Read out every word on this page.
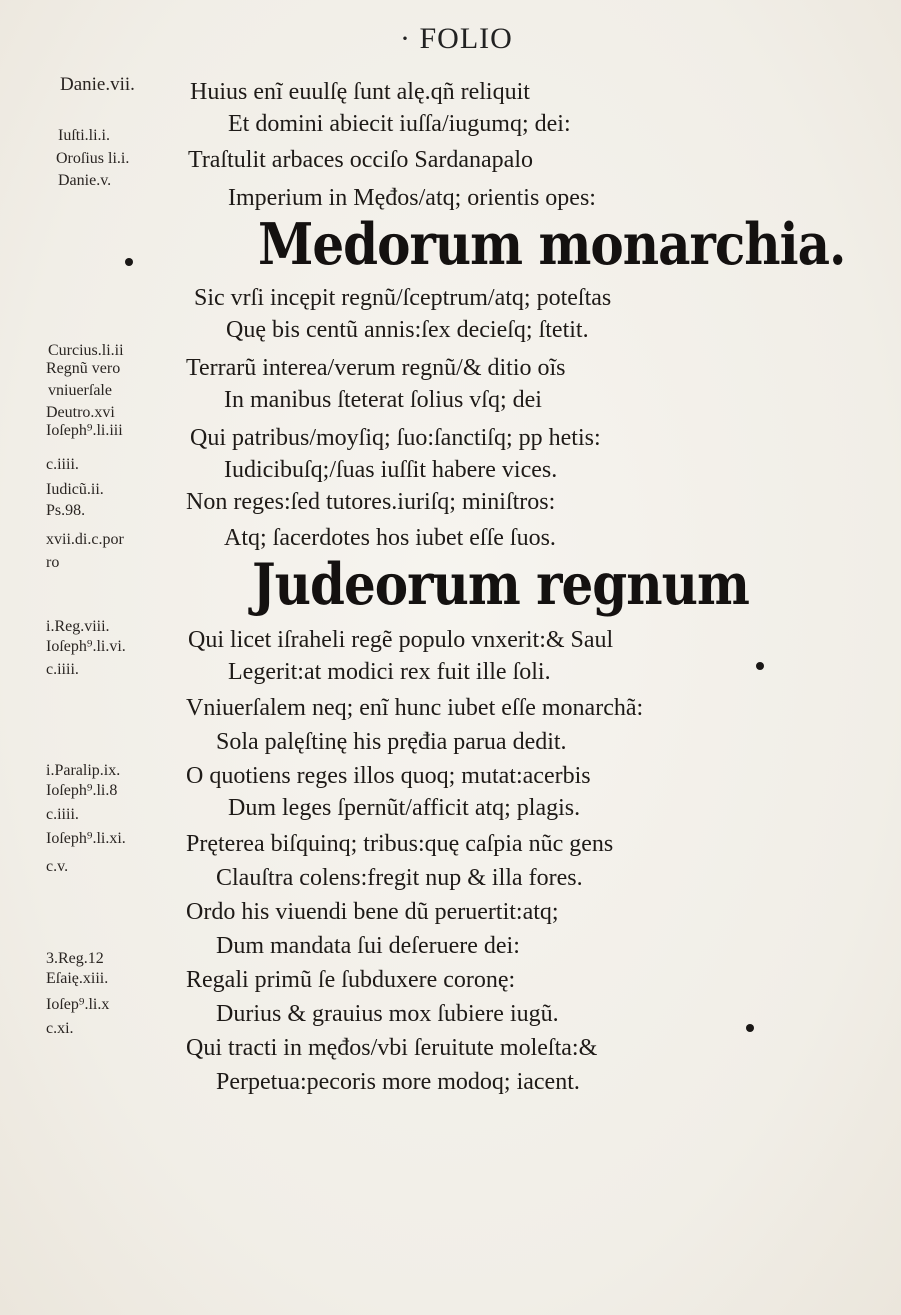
· FOLIO
Danie.vii.
Iuſti.li.i.
Oroſius li.i.
Danie.v.
Curcius.li.ii
Regnũ vero
vniuerſale
Deutro.xvi
Ioſeph⁹.li.iii
c.iiii.
Iudicũ.ii.
Ps.98.
xvii.di.c.por
ro
i.Reg.viii.
Ioſeph⁹.li.vi.
c.iiii.
i.Paralip.ix.
Ioſeph⁹.li.8
c.iiii.
Ioſeph⁹.li.xi.
c.v.
3.Reg.12
Eſaię.xiii.
Ioſep⁹.li.x
c.xi.
Huius enĩ euulſę ſunt alę.qñ reliquit
Et domini abiecit iuſſa/iugumq; dei:
Traſtulit arbaces occiſo Sardanapalo
Imperium in Męđos/atq; orientis opes:
Medorum monarchia.
Sic vrſi incępit regnũ/ſceptrum/atq; poteſtas
Quę bis centũ annis:ſex decieſq; ſtetit.
Terrarũ interea/verum regnũ/& ditio oĩs
In manibus ſteterat ſolius vſq; dei
Qui patribus/moyſiq; ſuo:ſanctiſq; pp hetis:
Iudicibuſq;/ſuas iuſſit habere vices.
Non reges:ſed tutores.iuriſq; miniſtros:
Atq; ſacerdotes hos iubet eſſe ſuos.
Judeorum regnum
Qui licet iſraheli regẽ populo vnxerit:& Saul
Legerit:at modici rex fuit ille ſoli.
Vniuerſalem neq; enĩ hunc iubet eſſe monarchã:
Sola palęſtinę his pręđia parua dedit.
O quotiens reges illos quoq; mutat:acerbis
Dum leges ſpernũt/afficit atq; plagis.
Pręterea biſquinq; tribus:quę caſpia nũc gens
Clauſtra colens:fregit nup & illa fores.
Ordo his viuendi bene dũ peruertit:atq;
Dum mandata ſui deſeruere dei:
Regali primũ ſe ſubduxere coronę:
Durius & grauius mox ſubiere iugũ.
Qui tracti in męđos/vbi ſeruitute moleſta:&
Perpetua:pecoris more modoq; iacent.
